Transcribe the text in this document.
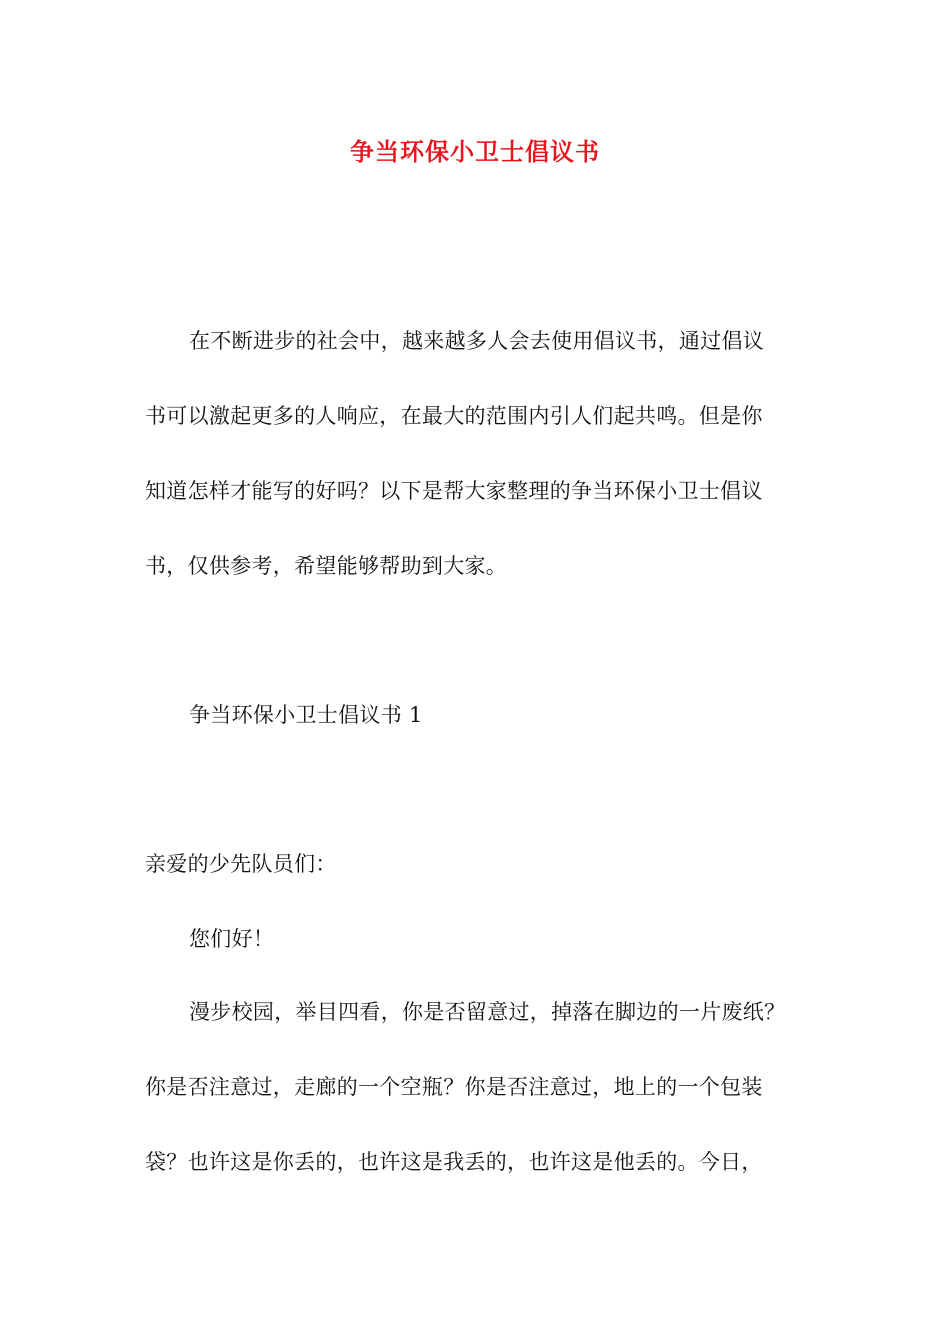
争当环保小卫士倡议书
在不断进步的社会中，越来越多人会去使用倡议书，通过倡议
书可以激起更多的人响应，在最大的范围内引人们起共鸣。但是你
知道怎样才能写的好吗？以下是帮大家整理的争当环保小卫士倡议
书，仅供参考，希望能够帮助到大家。
争当环保小卫士倡议书 1
亲爱的少先队员们：
您们好！
漫步校园，举目四看，你是否留意过，掉落在脚边的一片废纸？
你是否注意过，走廊的一个空瓶？你是否注意过，地上的一个包装
袋？也许这是你丢的，也许这是我丢的，也许这是他丢的。今日，
